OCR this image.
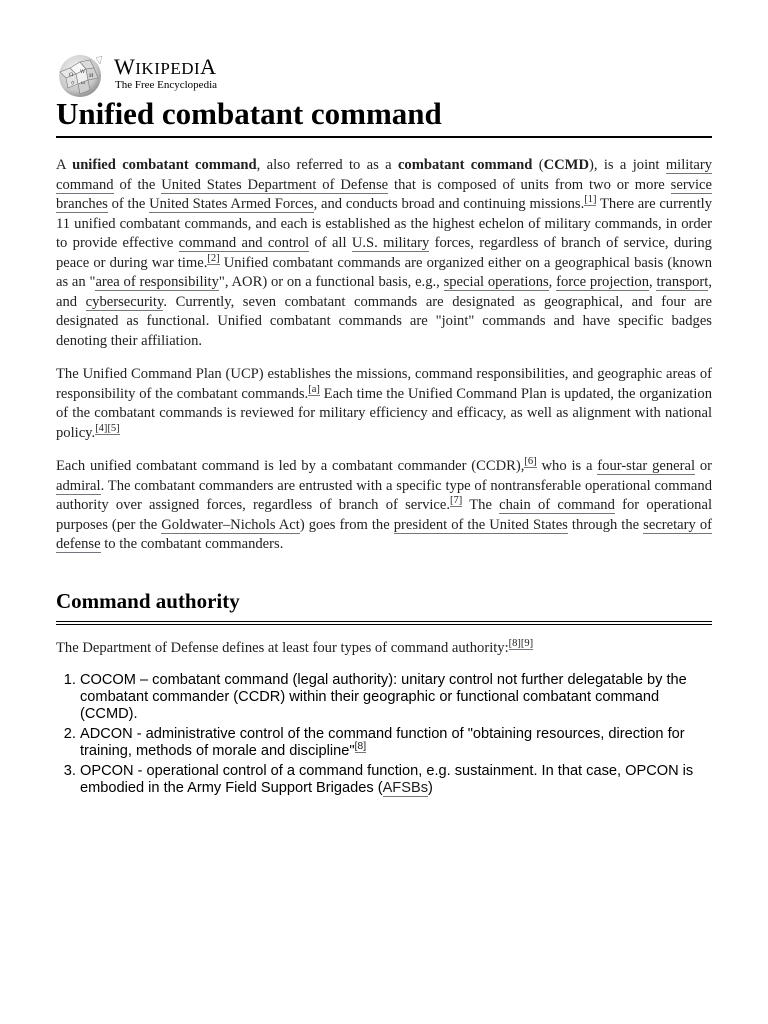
Ω W
И
ω
ウ
WIKIPEDIA
The Free Encyclopedia
Unified combatant command

A unified combatant command, also referred to as a combatant command (CCMD), is a joint military command of the United States Department of Defense that is composed of units from two or more service branches of the United States Armed Forces, and conducts broad and continuing missions.[1] There are currently 11 unified combatant commands, and each is established as the highest echelon of military commands, in order to provide effective command and control of all U.S. military forces, regardless of branch of service, during peace or during war time.[2] Unified combatant commands are organized either on a geographical basis (known as an "area of responsibility", AOR) or on a functional basis, e.g., special operations, force projection, transport, and cybersecurity. Currently, seven combatant commands are designated as geographical, and four are designated as functional. Unified combatant commands are "joint" commands and have specific badges denoting their affiliation.

The Unified Command Plan (UCP) establishes the missions, command responsibilities, and geographic areas of responsibility of the combatant commands.[a] Each time the Unified Command Plan is updated, the organization of the combatant commands is reviewed for military efficiency and efficacy, as well as alignment with national policy.[4][5]

Each unified combatant command is led by a combatant commander (CCDR),[6] who is a four-star general or admiral. The combatant commanders are entrusted with a specific type of nontransferable operational command authority over assigned forces, regardless of branch of service.[7] The chain of command for operational purposes (per the Goldwater–Nichols Act) goes from the president of the United States through the secretary of defense to the combatant commanders.

Command authority

The Department of Defense defines at least four types of command authority:[8][9]

1. COCOM – combatant command (legal authority): unitary control not further delegatable by the combatant commander (CCDR) within their geographic or functional combatant command (CCMD).
2. ADCON - administrative control of the command function of "obtaining resources, direction for training, methods of morale and discipline"[8]
3. OPCON - operational control of a command function, e.g. sustainment. In that case, OPCON is embodied in the Army Field Support Brigades (AFSBs)
